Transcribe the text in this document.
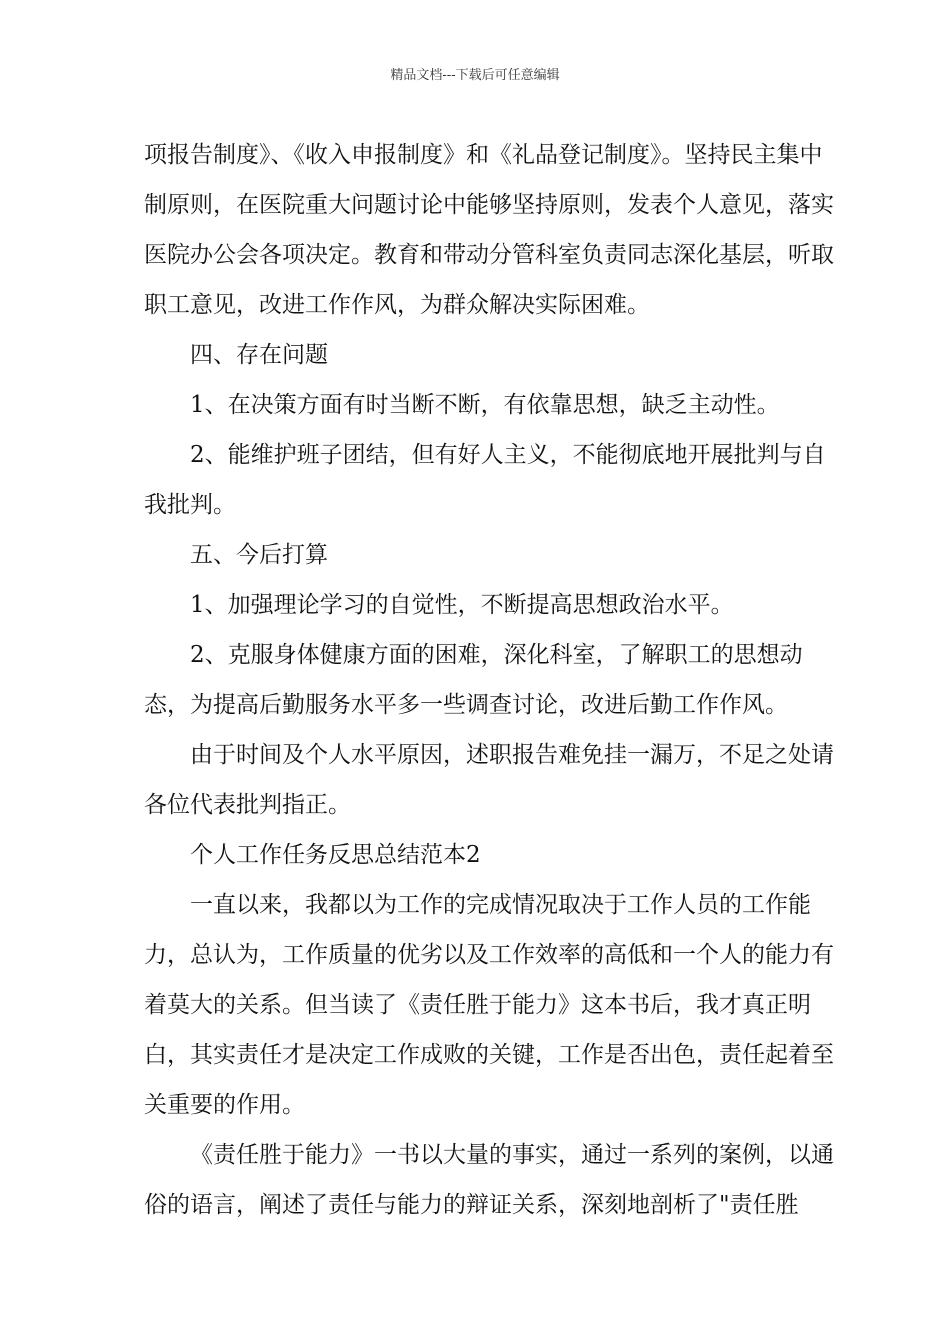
精品文档---下载后可任意编辑

项报告制度》、《收入申报制度》和《礼品登记制度》。坚持民主集中制原则，在医院重大问题讨论中能够坚持原则，发表个人意见，落实医院办公会各项决定。教育和带动分管科室负责同志深化基层，听取职工意见，改进工作作风，为群众解决实际困难。

四、存在问题

1、在决策方面有时当断不断，有依靠思想，缺乏主动性。

2、能维护班子团结，但有好人主义，不能彻底地开展批判与自我批判。

五、今后打算

1、加强理论学习的自觉性，不断提高思想政治水平。

2、克服身体健康方面的困难，深化科室，了解职工的思想动态，为提高后勤服务水平多一些调查讨论，改进后勤工作作风。

由于时间及个人水平原因，述职报告难免挂一漏万，不足之处请各位代表批判指正。

个人工作任务反思总结范本2

一直以来，我都以为工作的完成情况取决于工作人员的工作能力，总认为，工作质量的优劣以及工作效率的高低和一个人的能力有着莫大的关系。但当读了《责任胜于能力》这本书后，我才真正明白，其实责任才是决定工作成败的关键，工作是否出色，责任起着至关重要的作用。

《责任胜于能力》一书以大量的事实，通过一系列的案例，以通俗的语言，阐述了责任与能力的辩证关系，深刻地剖析了"责任胜
